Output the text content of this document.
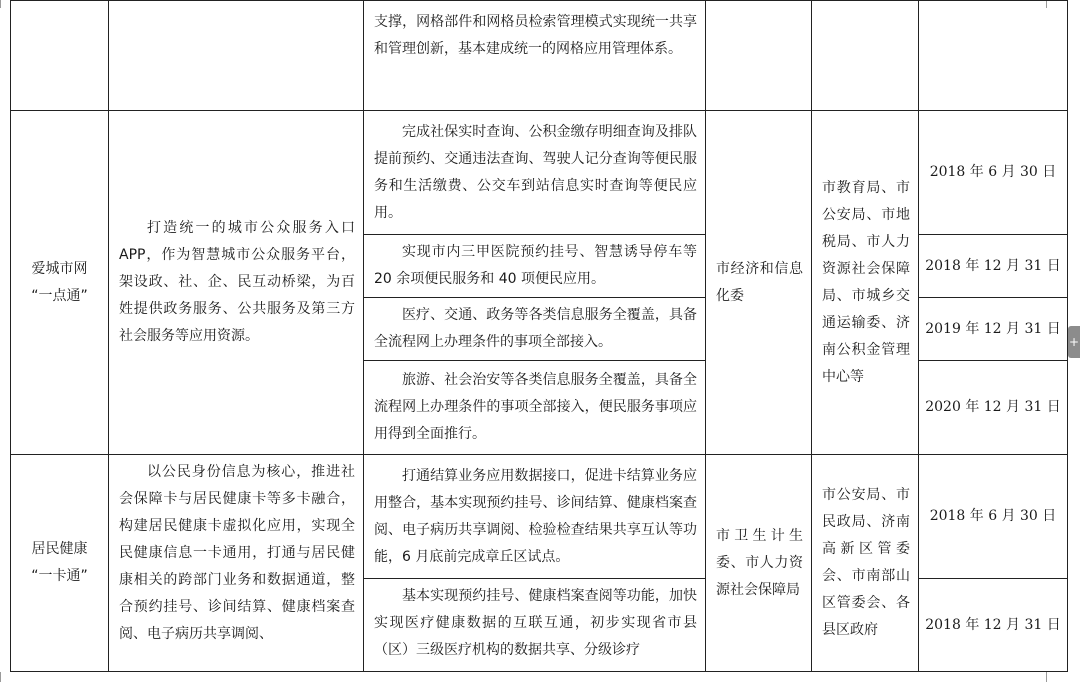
		支撑，网格部件和网格员检索管理模式实现统一共享和管理创新，基本建成统一的网格应用管理体系。			

爱城市网
“一点通”	打造统一的城市公众服务入口APP，作为智慧城市公众服务平台，架设政、社、企、民互动桥梁，为百姓提供政务服务、公共服务及第三方社会服务等应用资源。	完成社保实时查询、公积金缴存明细查询及排队提前预约、交通违法查询、驾驶人记分查询等便民服务和生活缴费、公交车到站信息实时查询等便民应用。	市经济和信息化委	市教育局、市公安局、市地税局、市人力资源社会保障局、市城乡交通运输委、济南公积金管理中心等	2018 年 6 月 30 日

		实现市内三甲医院预约挂号、智慧诱导停车等 20 余项便民服务和 40 项便民应用。			2018 年 12 月 31 日

		医疗、交通、政务等各类信息服务全覆盖，具备全流程网上办理条件的事项全部接入。			2019 年 12 月 31 日

		旅游、社会治安等各类信息服务全覆盖，具备全流程网上办理条件的事项全部接入，便民服务事项应用得到全面推行。			2020 年 12 月 31 日

居民健康
“一卡通”	以公民身份信息为核心，推进社会保障卡与居民健康卡等多卡融合，构建居民健康卡虚拟化应用，实现全民健康信息一卡通用，打通与居民健康相关的跨部门业务和数据通道，整合预约挂号、诊间结算、健康档案查阅、电子病历共享调阅、	打通结算业务应用数据接口，促进卡结算业务应用整合，基本实现预约挂号、诊间结算、健康档案查阅、电子病历共享调阅、检验检查结果共享互认等功能，6 月底前完成章丘区试点。	市卫生计生委、市人力资源社会保障局	市公安局、市民政局、济南高新区管委会、市南部山区管委会、各县区政府	2018 年 6 月 30 日

		基本实现预约挂号、健康档案查阅等功能，加快实现医疗健康数据的互联互通，初步实现省市县（区）三级医疗机构的数据共享、分级诊疗			2018 年 12 月 31 日
+
